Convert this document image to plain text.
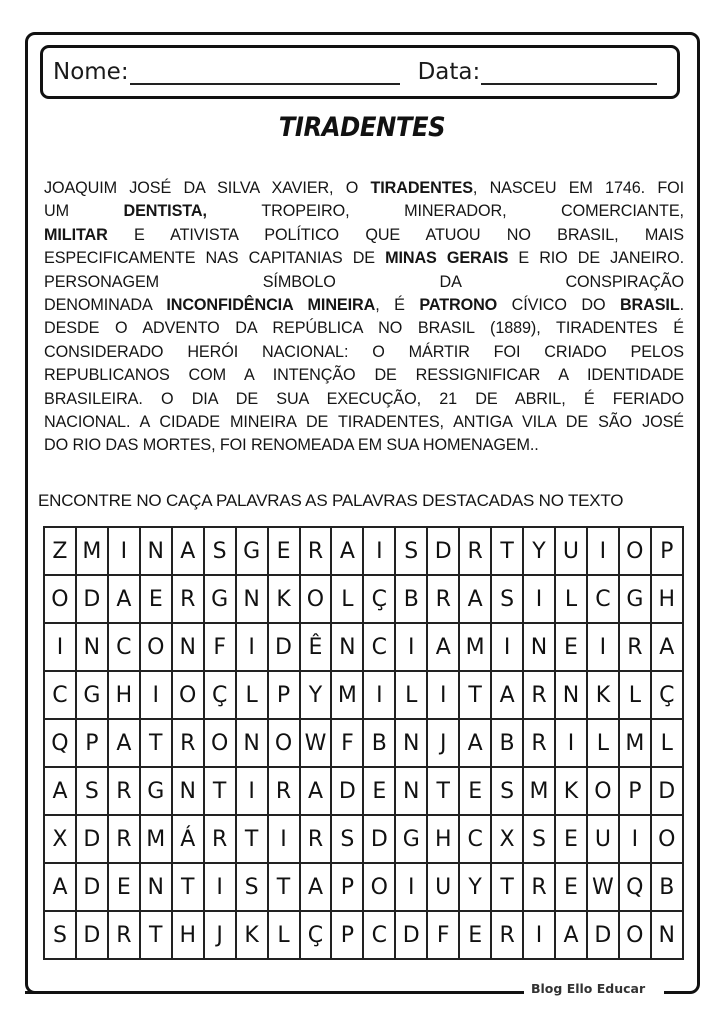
Nome:	Data:
TIRADENTES
JOAQUIM JOSÉ DA SILVA XAVIER, O TIRADENTES, NASCEU EM 1746. FOI
UM	DENTISTA,	TROPEIRO,	MINERADOR,	COMERCIANTE,
MILITAR E ATIVISTA POLÍTICO QUE ATUOU NO BRASIL, MAIS
ESPECIFICAMENTE NAS CAPITANIAS DE MINAS GERAIS E RIO DE JANEIRO.
PERSONAGEM	SÍMBOLO	DA	CONSPIRAÇÃO
DENOMINADA INCONFIDÊNCIA MINEIRA, É PATRONO CÍVICO DO BRASIL.
DESDE O ADVENTO DA REPÚBLICA NO BRASIL (1889), TIRADENTES É
CONSIDERADO HERÓI NACIONAL: O MÁRTIR FOI CRIADO PELOS
REPUBLICANOS COM A INTENÇÃO DE RESSIGNIFICAR A IDENTIDADE
BRASILEIRA. O DIA DE SUA EXECUÇÃO, 21 DE ABRIL, É FERIADO
NACIONAL. A CIDADE MINEIRA DE TIRADENTES, ANTIGA VILA DE SÃO JOSÉ
DO RIO DAS MORTES, FOI RENOMEADA EM SUA HOMENAGEM..
ENCONTRE NO CAÇA PALAVRAS AS PALAVRAS DESTACADAS NO TEXTO
Z M I N A S G E R A I S D R T Y U I O P
O D A E R G N K O L Ç B R A S I	L C G H
I N C O N F	I D Ê N C I A M I N E I R A
C G H I O Ç L P Y M I	L	I T A R N K L Ç
Q P A T R O N O W F B N J A B R I	L M L
A S R G N T I R A D E N T E S M K O P D
X D R M Á R T I R S D G H C X S E U I O
A D E N T I S T A P O I U Y T R E W Q B
S D R T H J K L Ç P C D F E R I A D O N
Blog Ello Educar
